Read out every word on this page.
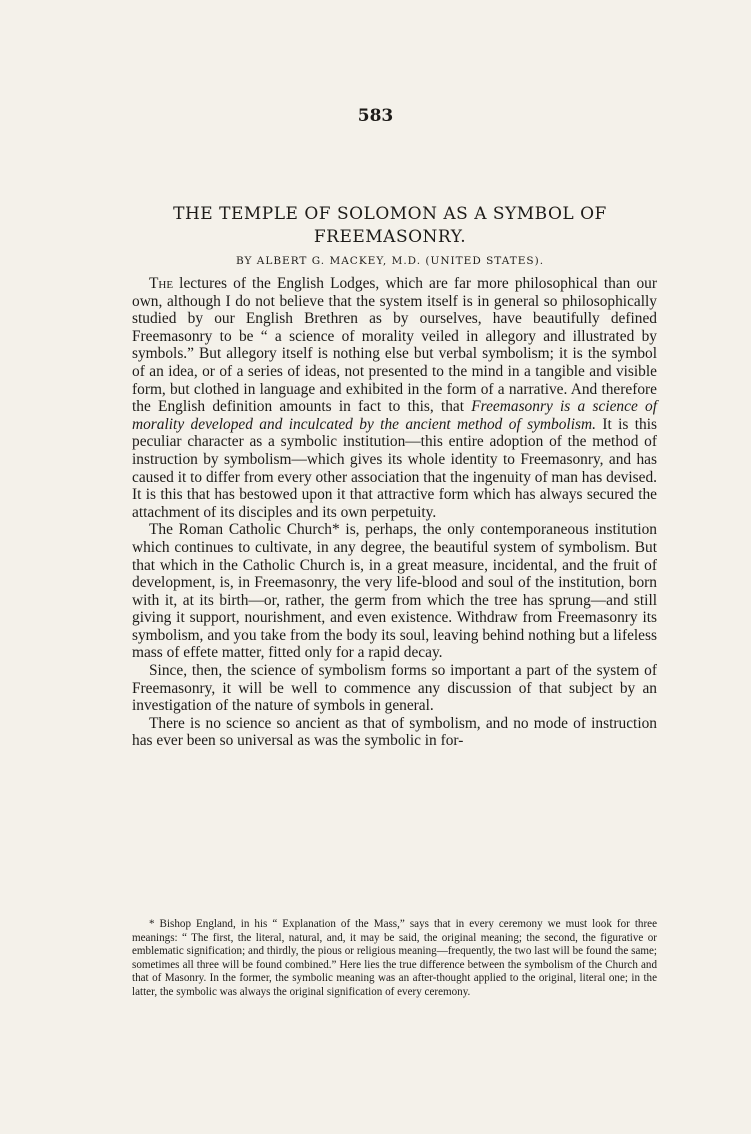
583
THE TEMPLE OF SOLOMON AS A SYMBOL OF
FREEMASONRY.
BY ALBERT G. MACKEY, M.D. (UNITED STATES).

The lectures of the English Lodges, which are far more philosophical than our own, although I do not believe that the system itself is in general so philosophically studied by our English Brethren as by ourselves, have beautifully defined Freemasonry to be “ a science of morality veiled in allegory and illustrated by symbols.” But allegory itself is nothing else but verbal symbolism; it is the symbol of an idea, or of a series of ideas, not presented to the mind in a tangible and visible form, but clothed in language and exhibited in the form of a narrative. And therefore the English definition amounts in fact to this, that Freemasonry is a science of morality developed and inculcated by the ancient method of symbolism. It is this peculiar character as a symbolic institution—this entire adoption of the method of instruction by symbolism—which gives its whole identity to Freemasonry, and has caused it to differ from every other association that the ingenuity of man has devised. It is this that has bestowed upon it that attractive form which has always secured the attachment of its disciples and its own perpetuity.

The Roman Catholic Church* is, perhaps, the only contemporaneous institution which continues to cultivate, in any degree, the beautiful system of symbolism. But that which in the Catholic Church is, in a great measure, incidental, and the fruit of development, is, in Freemasonry, the very life-blood and soul of the institution, born with it, at its birth—or, rather, the germ from which the tree has sprung—and still giving it support, nourishment, and even existence. Withdraw from Freemasonry its symbolism, and you take from the body its soul, leaving behind nothing but a lifeless mass of effete matter, fitted only for a rapid decay.

Since, then, the science of symbolism forms so important a part of the system of Freemasonry, it will be well to commence any discussion of that subject by an investigation of the nature of symbols in general.

There is no science so ancient as that of symbolism, and no mode of instruction has ever been so universal as was the symbolic in for-

* Bishop England, in his “ Explanation of the Mass,” says that in every ceremony we must look for three meanings: “ The first, the literal, natural, and, it may be said, the original meaning; the second, the figurative or emblematic signification; and thirdly, the pious or religious meaning—frequently, the two last will be found the same; sometimes all three will be found combined.” Here lies the true difference between the symbolism of the Church and that of Masonry. In the former, the symbolic meaning was an after-thought applied to the original, literal one; in the latter, the symbolic was always the original signification of every ceremony.
